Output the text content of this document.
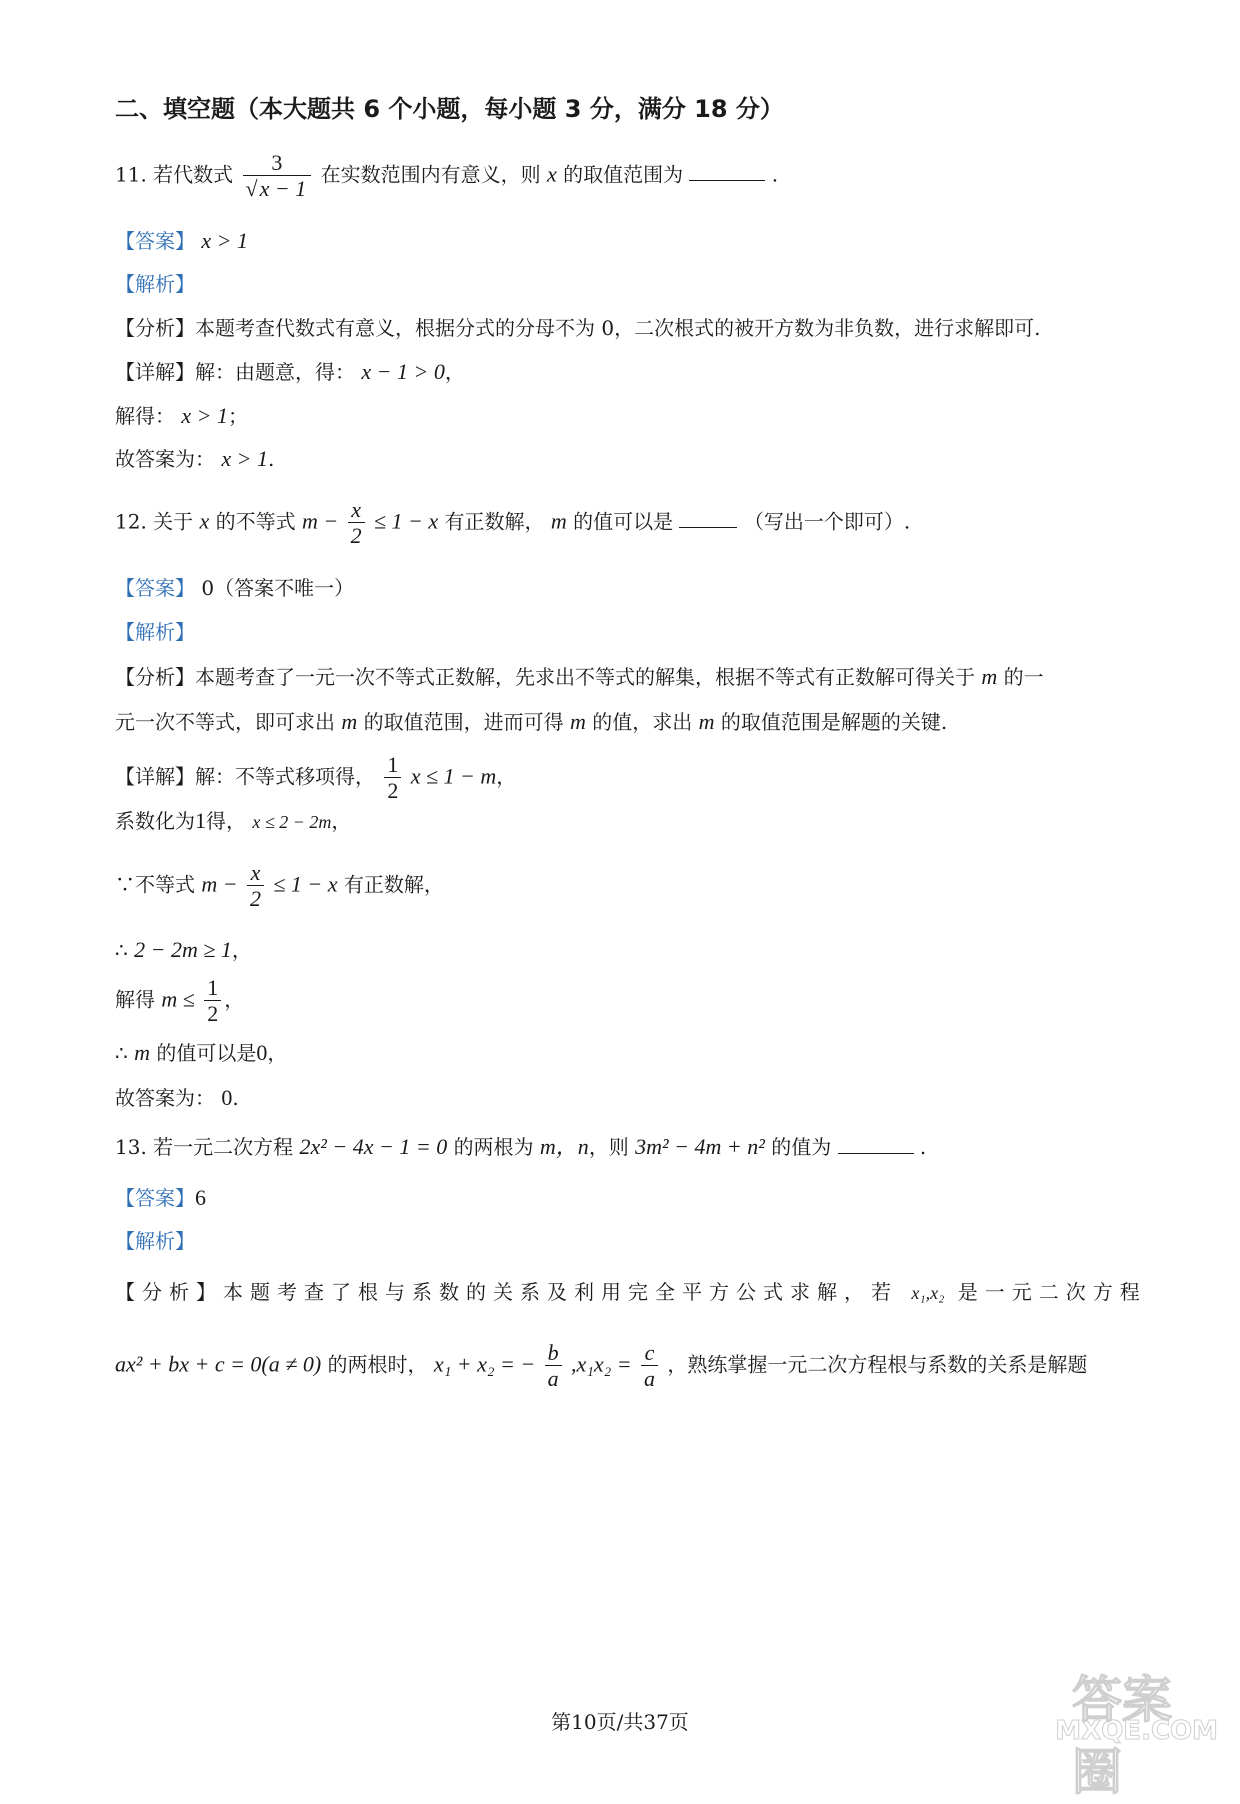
二、填空题（本大题共 6 个小题，每小题 3 分，满分 18 分）
11. 若代数式 $\frac{3}{√x - 1}$ 在实数范围内有意义，则 x 的取值范围为	.
【答案】 x > 1
【解析】
【分析】本题考查代数式有意义，根据分式的分母不为 0，二次根式的被开方数为非负数，进行求解即可.
【详解】解：由题意，得： x − 1 > 0，
解得： x > 1；
故答案为： x > 1.
12. 关于 x 的不等式 $m - \frac{x}{2} \le 1 - x$ 有正数解， m 的值可以是	（写出一个即可）.
【答案】 0（答案不唯一）
【解析】
【分析】本题考查了一元一次不等式正数解，先求出不等式的解集，根据不等式有正数解可得关于 m 的一
元一次不等式，即可求出 m 的取值范围，进而可得 m 的值，求出 m 的取值范围是解题的关键.
【详解】解：不等式移项得， $\frac{1}{2}$ x ≤ 1 − m，
系数化为1得， x ≤ 2 − 2m，
∵不等式 $m - \frac{x}{2} \le 1 - x$ 有正数解，
∴ 2 − 2m ≥ 1，
解得 $m \le \frac{1}{2}$ ，
∴ m 的值可以是0，
故答案为： 0.
13. 若一元二次方程 2x² − 4x − 1 = 0 的两根为 m，n，则 3m² − 4m + n² 的值为	.
【答案】6
【解析】
【分析】本题考查了根与系数的关系及利用完全平方公式求解，若 x₁,x₂ 是一元二次方程
ax² + bx + c = 0(a ≠ 0) 的两根时， x₁ + x₂ = − $\frac{b}{a} ,x_1x_2 = \frac{c}{a}$ ，熟练掌握一元二次方程根与系数的关系是解题
第10页/共37页	答案圈
MXQE.COM
